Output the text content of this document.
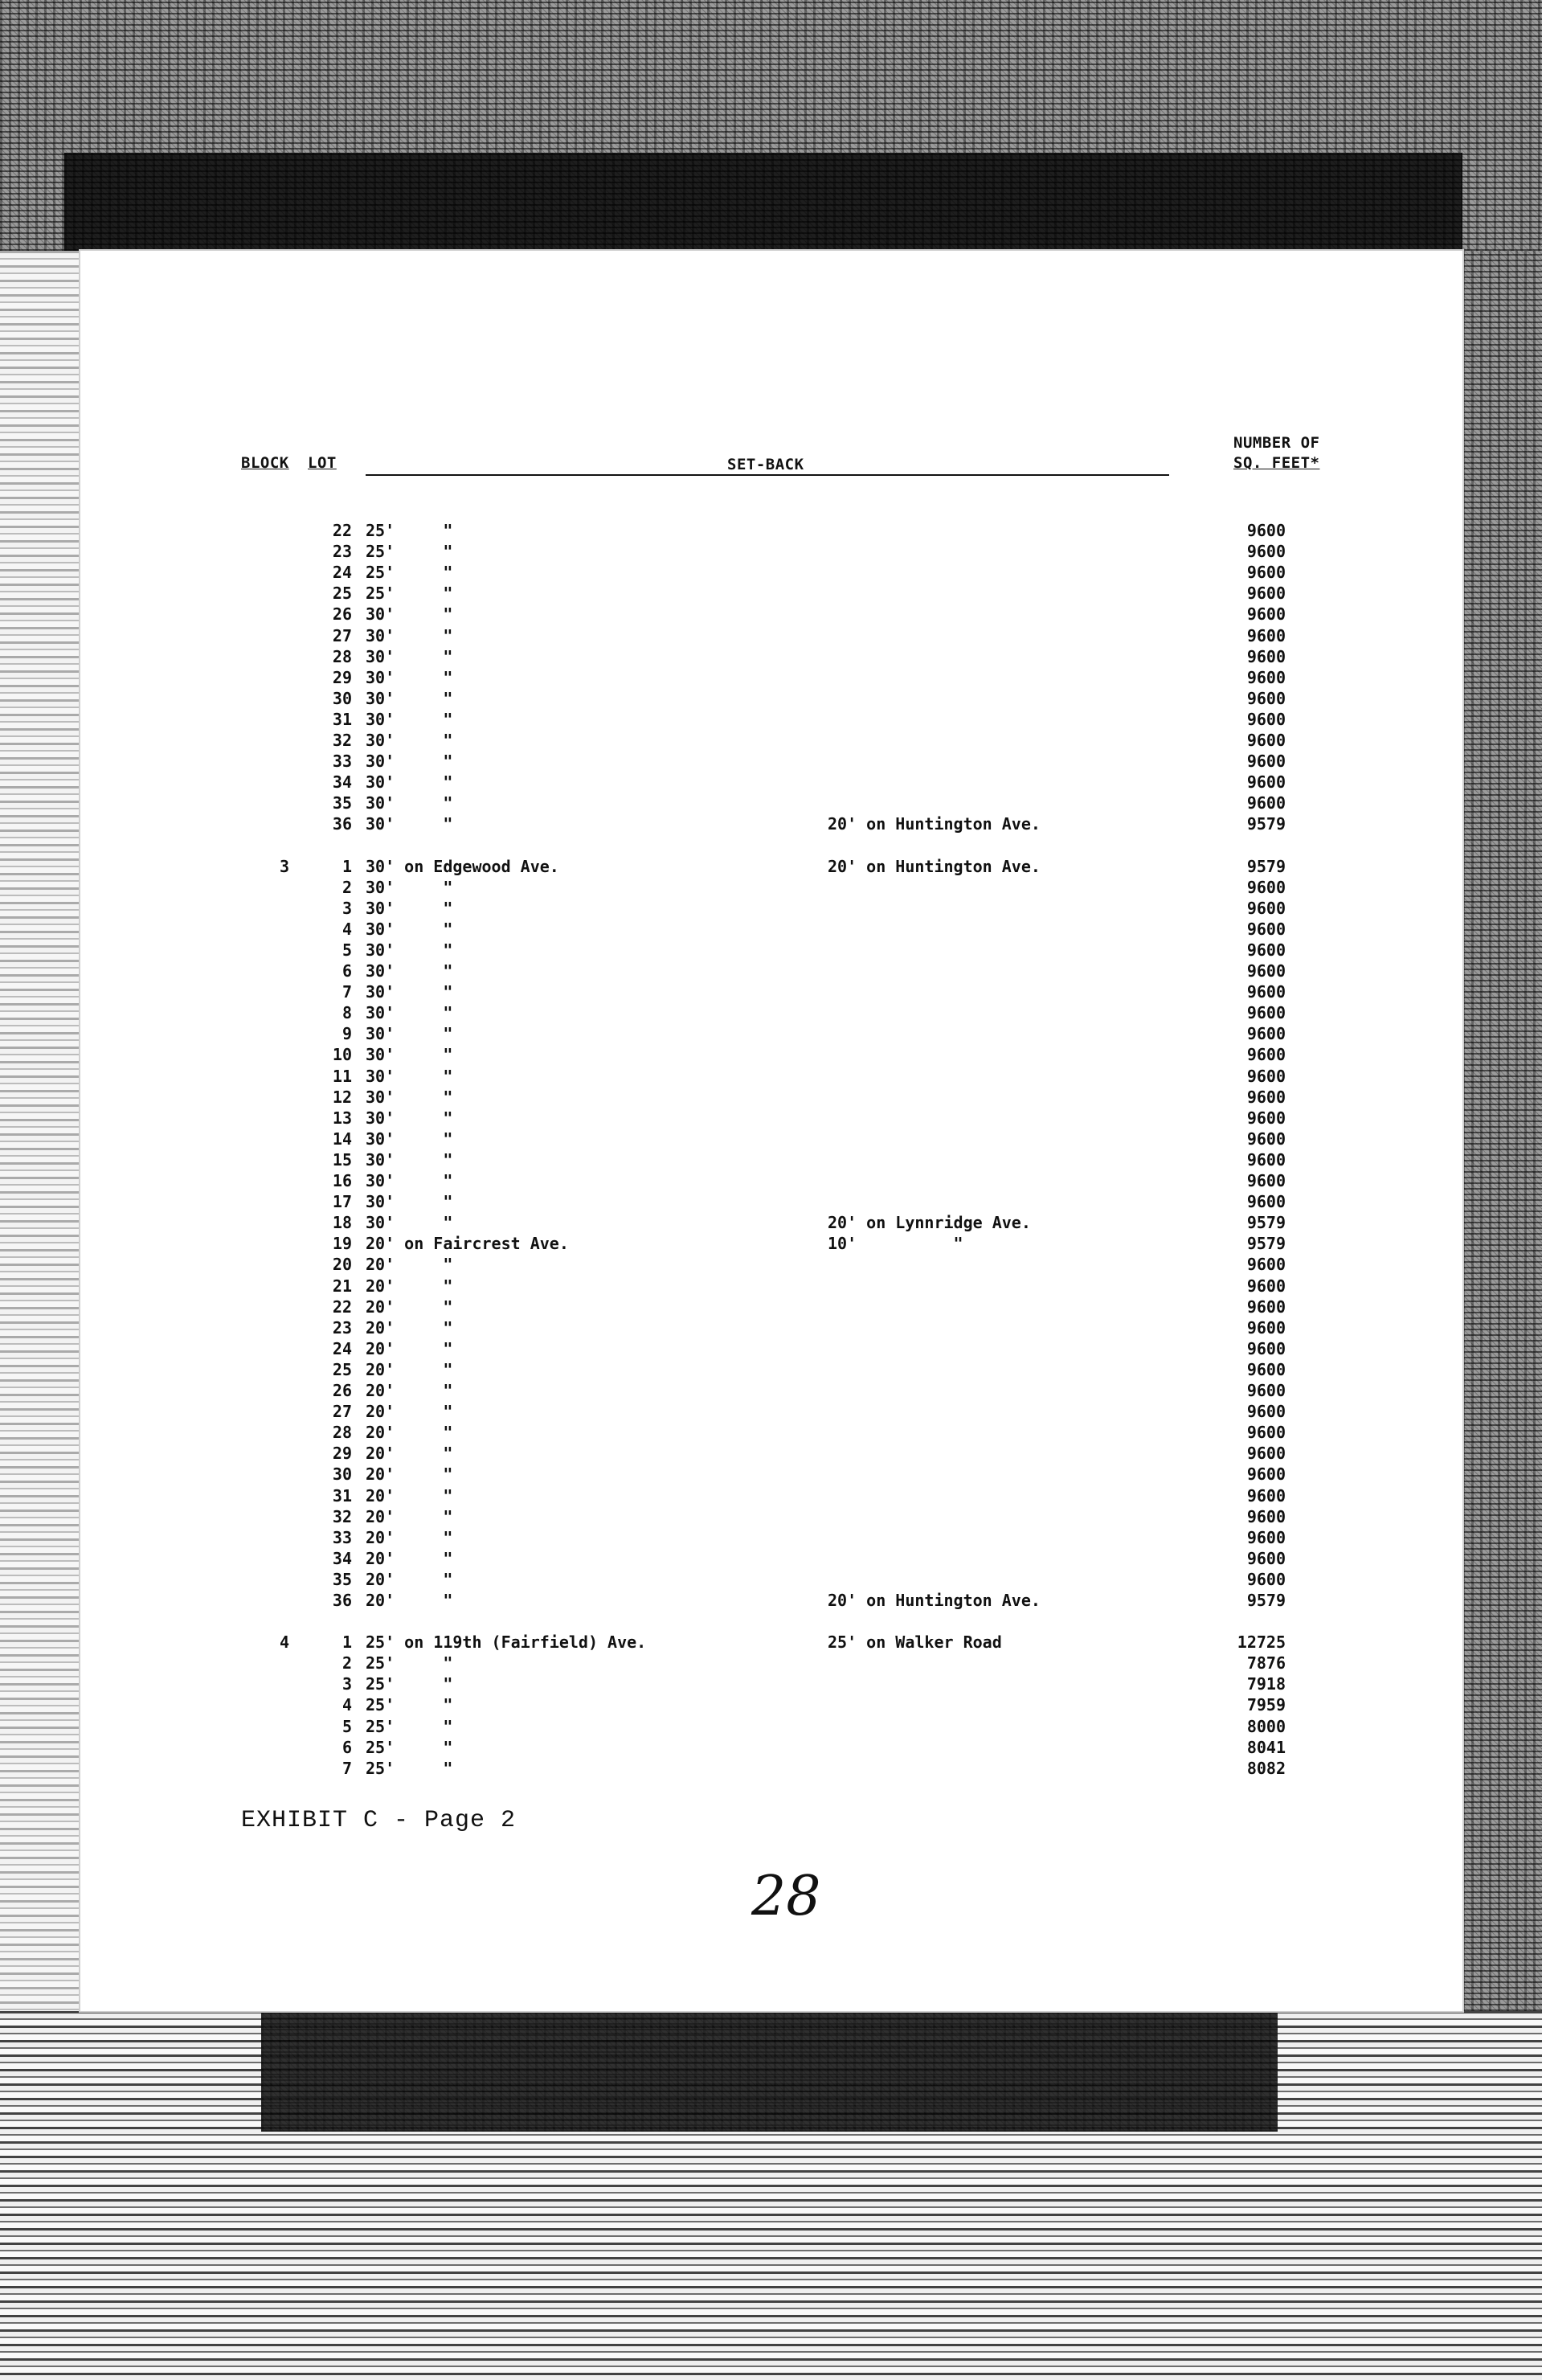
BLOCK LOT	SET-BACK
NUMBER OF
SQ. FEET*
22 25'     "	9600
23 25'     "	9600
24 25'     "	9600
25 25'     "	9600
26 30'     "	9600
27 30'     "	9600
28 30'     "	9600
29 30'     "	9600
30 30'     "	9600
31 30'     "	9600
32 30'     "	9600
33 30'     "	9600
34 30'     "	9600
35 30'     "	9600
36 30'     "	20' on Huntington Ave.	9579
3	1 30' on Edgewood Ave.	20' on Huntington Ave.	9579
2 30'     "	9600
3 30'     "	9600
4 30'     "	9600
5 30'     "	9600
6 30'     "	9600
7 30'     "	9600
8 30'     "	9600
9 30'     "	9600
10 30'     "	9600
11 30'     "	9600
12 30'     "	9600
13 30'     "	9600
14 30'     "	9600
15 30'     "	9600
16 30'     "	9600
17 30'     "	9600
18 30'     "	20' on Lynnridge Ave.	9579
19 20' on Faircrest Ave.	10'          "	9579
20 20'     "	9600
21 20'     "	9600
22 20'     "	9600
23 20'     "	9600
24 20'     "	9600
25 20'     "	9600
26 20'     "	9600
27 20'     "	9600
28 20'     "	9600
29 20'     "	9600
30 20'     "	9600
31 20'     "	9600
32 20'     "	9600
33 20'     "	9600
34 20'     "	9600
35 20'     "	9600
36 20'     "	20' on Huntington Ave.	9579
4	1 25' on 119th (Fairfield) Ave.	25' on Walker Road	12725
2 25'     "	7876
3 25'     "	7918
4 25'     "	7959
5 25'     "	8000
6 25'     "	8041
7 25'     "	8082
EXHIBIT C - Page 2
28
